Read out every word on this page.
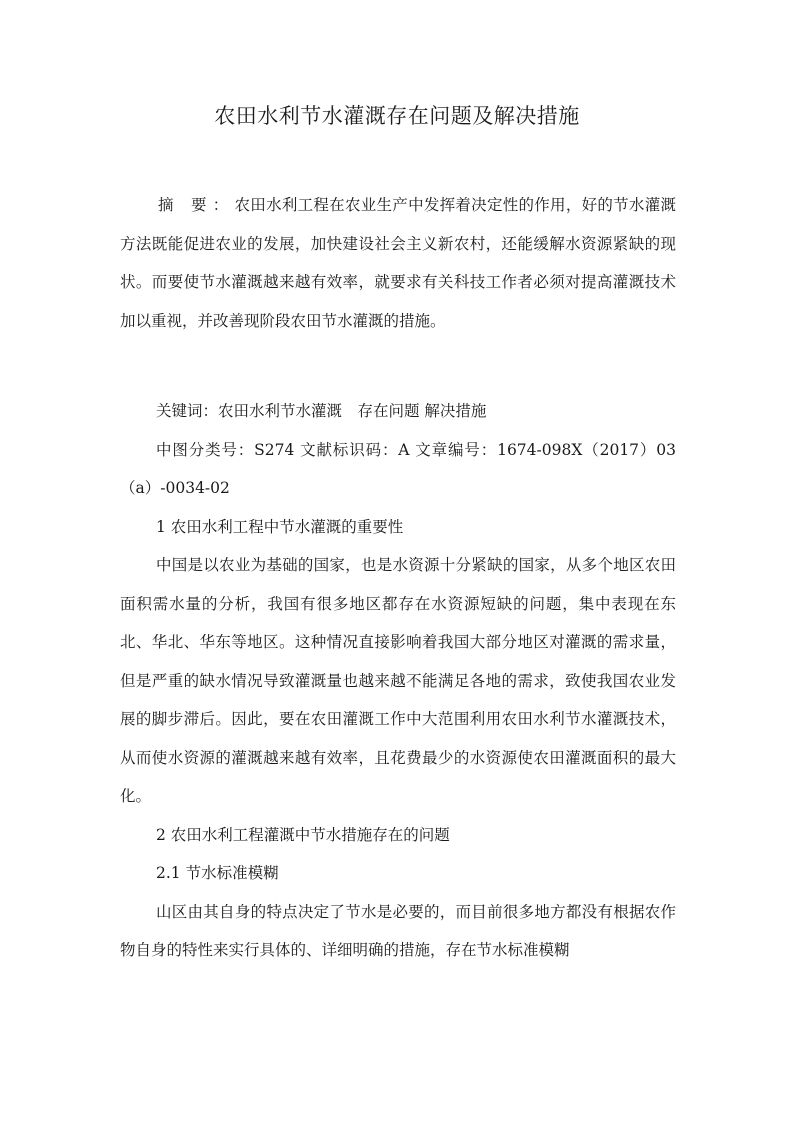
农田水利节水灌溉存在问题及解决措施
摘 要：农田水利工程在农业生产中发挥着决定性的作用，好的节水灌溉方法既能促进农业的发展，加快建设社会主义新农村，还能缓解水资源紧缺的现状。而要使节水灌溉越来越有效率，就要求有关科技工作者必须对提高灌溉技术加以重视，并改善现阶段农田节水灌溉的措施。

关键词：农田水利节水灌溉　存在问题 解决措施

中图分类号：S274 文献标识码：A 文章编号：1674-098X（2017）03（a）-0034-02

1 农田水利工程中节水灌溉的重要性

中国是以农业为基础的国家，也是水资源十分紧缺的国家，从多个地区农田面积需水量的分析，我国有很多地区都存在水资源短缺的问题，集中表现在东北、华北、华东等地区。这种情况直接影响着我国大部分地区对灌溉的需求量，但是严重的缺水情况导致灌溉量也越来越不能满足各地的需求，致使我国农业发展的脚步滞后。因此，要在农田灌溉工作中大范围利用农田水利节水灌溉技术，从而使水资源的灌溉越来越有效率，且花费最少的水资源使农田灌溉面积的最大化。

2 农田水利工程灌溉中节水措施存在的问题

2.1 节水标准模糊

山区由其自身的特点决定了节水是必要的，而目前很多地方都没有根据农作物自身的特性来实行具体的、详细明确的措施，存在节水标准模糊
